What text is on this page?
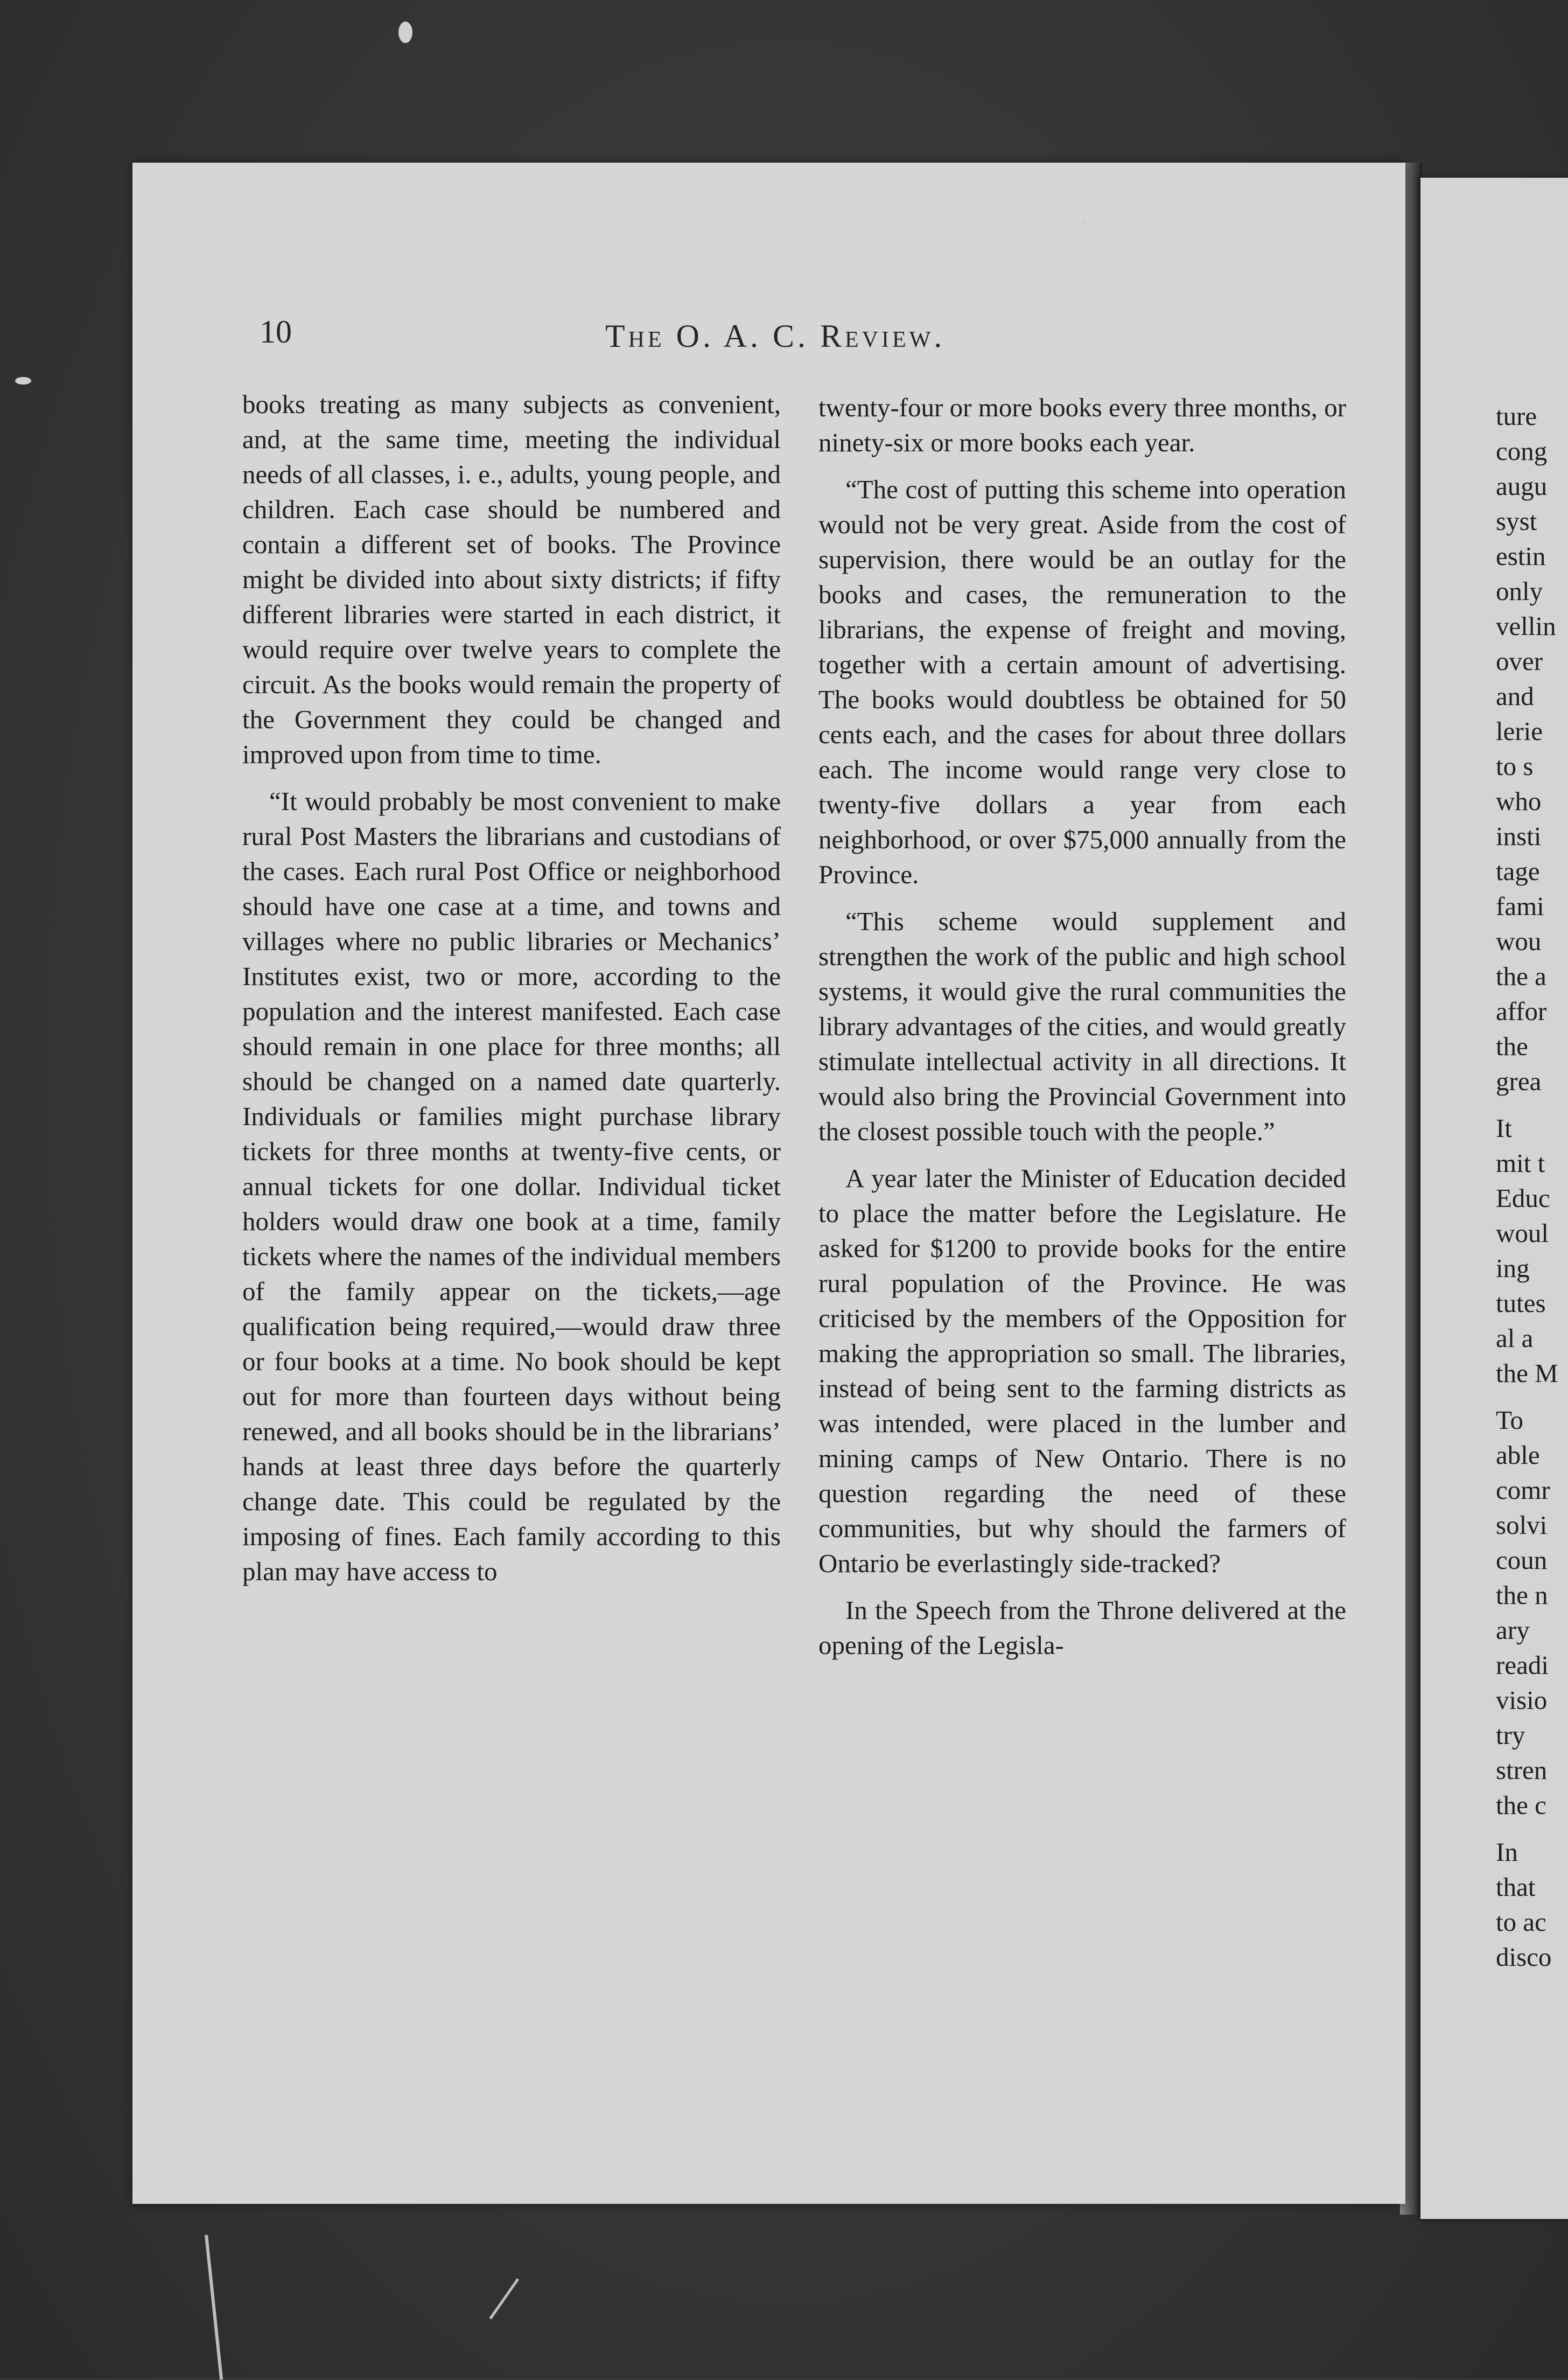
ture
cong
augu
syst
estin
only
vellin
over
and
lerie
to s
who
insti
tage
fami
wou
the a
affor
the
grea
It
mit t
Educ
woul
ing
tutes
al a
the M
To
able
comr
solvi
coun
the n
ary
readi
visio
try
stren
the c
In
that
to ac
disco
10	The O. A. C. Review.

books treating as many subjects as convenient, and, at the same time, meeting the individual needs of all classes, i. e., adults, young people, and children. Each case should be numbered and contain a different set of books. The Province might be divided into about sixty districts; if fifty different libraries were started in each district, it would require over twelve years to complete the circuit. As the books would remain the property of the Government they could be changed and improved upon from time to time.

“It would probably be most convenient to make rural Post Masters the librarians and custodians of the cases. Each rural Post Office or neighborhood should have one case at a time, and towns and villages where no public libraries or Mechanics’ Institutes exist, two or more, according to the population and the interest manifested. Each case should remain in one place for three months; all should be changed on a named date quarterly. Individuals or families might purchase library tickets for three months at twenty-five cents, or annual tickets for one dollar. Individual ticket holders would draw one book at a time, family tickets where the names of the individual members of the family appear on the tickets,—age qualification being required,—would draw three or four books at a time. No book should be kept out for more than fourteen days without being renewed, and all books should be in the librarians’ hands at least three days before the quarterly change date. This could be regulated by the imposing of fines. Each family according to this plan may have access to

twenty-four or more books every three months, or ninety-six or more books each year.

“The cost of putting this scheme into operation would not be very great. Aside from the cost of supervision, there would be an outlay for the books and cases, the remuneration to the librarians, the expense of freight and moving, together with a certain amount of advertising. The books would doubtless be obtained for 50 cents each, and the cases for about three dollars each. The income would range very close to twenty-five dollars a year from each neighborhood, or over $75,000 annually from the Province.

“This scheme would supplement and strengthen the work of the public and high school systems, it would give the rural communities the library advantages of the cities, and would greatly stimulate intellectual activity in all directions. It would also bring the Provincial Government into the closest possible touch with the people.”

A year later the Minister of Education decided to place the matter before the Legislature. He asked for $1200 to provide books for the entire rural population of the Province. He was criticised by the members of the Opposition for making the appropriation so small. The libraries, instead of being sent to the farming districts as was intended, were placed in the lumber and mining camps of New Ontario. There is no question regarding the need of these communities, but why should the farmers of Ontario be everlastingly side-tracked?

In the Speech from the Throne delivered at the opening of the Legisla-
